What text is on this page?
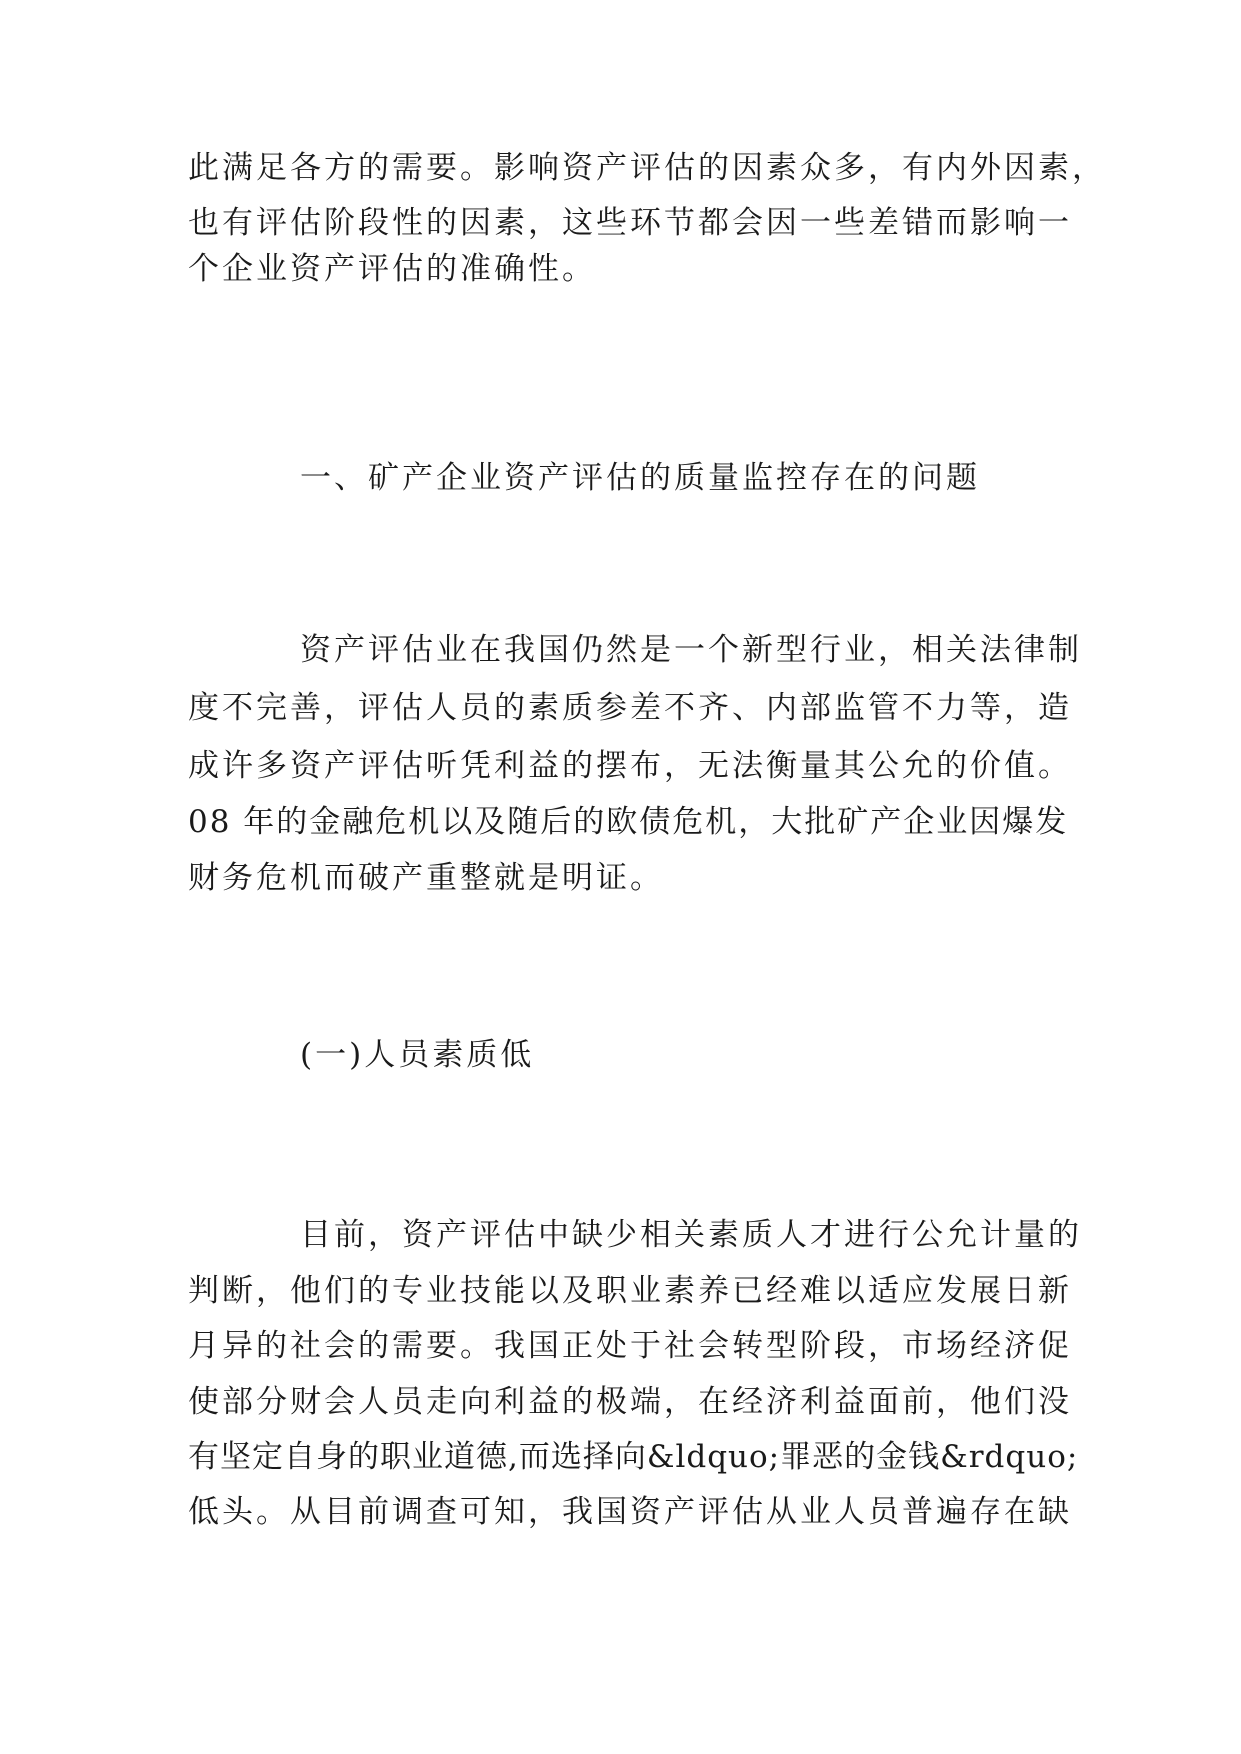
此满足各方的需要。影响资产评估的因素众多，有内外因素，
也有评估阶段性的因素，这些环节都会因一些差错而影响一
个企业资产评估的准确性。
一、矿产企业资产评估的质量监控存在的问题
资产评估业在我国仍然是一个新型行业，相关法律制
度不完善，评估人员的素质参差不齐、内部监管不力等，造
成许多资产评估听凭利益的摆布，无法衡量其公允的价值。
08 年的金融危机以及随后的欧债危机，大批矿产企业因爆发
财务危机而破产重整就是明证。
(一)人员素质低
目前，资产评估中缺少相关素质人才进行公允计量的
判断，他们的专业技能以及职业素养已经难以适应发展日新
月异的社会的需要。我国正处于社会转型阶段，市场经济促
使部分财会人员走向利益的极端，在经济利益面前，他们没
有坚定自身的职业道德,而选择向&ldquo;罪恶的金钱&rdquo;
低头。从目前调查可知，我国资产评估从业人员普遍存在缺
